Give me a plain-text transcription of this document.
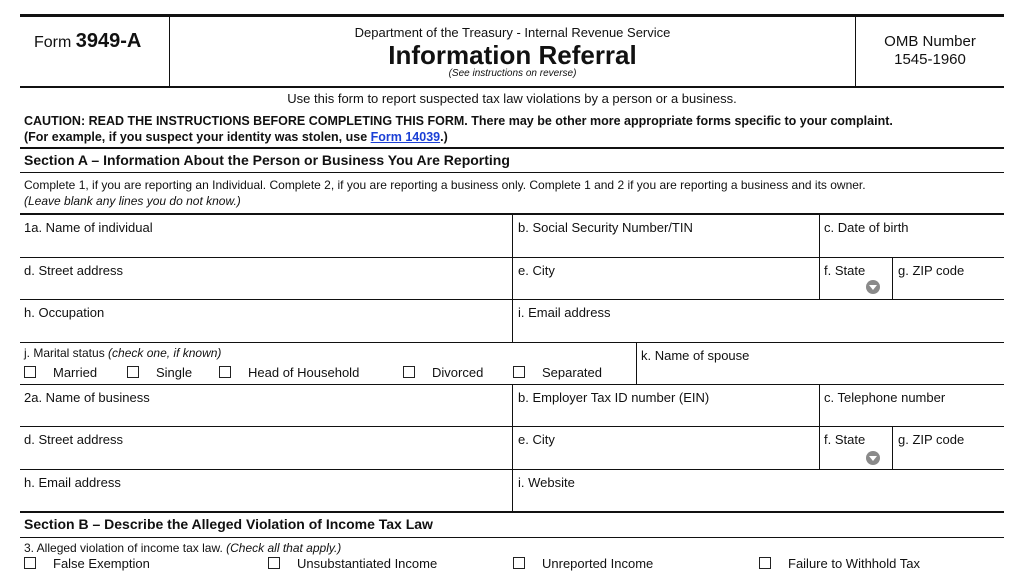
Form 3949-A	Department of the Treasury - Internal Revenue Service
Information Referral
(See instructions on reverse)
OMB Number
1545-1960
Use this form to report suspected tax law violations by a person or a business.
CAUTION: READ THE INSTRUCTIONS BEFORE COMPLETING THIS FORM. There may be other more appropriate forms specific to your complaint.
(For example, if you suspect your identity was stolen, use Form 14039.)
Section A – Information About the Person or Business You Are Reporting
Complete 1, if you are reporting an Individual. Complete 2, if you are reporting a business only. Complete 1 and 2 if you are reporting a business and its owner.
(Leave blank any lines you do not know.)
1a. Name of individual	b. Social Security Number/TIN	c. Date of birth
d. Street address	e. City	f. State	g. ZIP code
h. Occupation	i. Email address
j. Marital status (check one, if known)
Married	Single	Head of Household	Divorced	Separated
k. Name of spouse
2a. Name of business	b. Employer Tax ID number (EIN)	c. Telephone number
d. Street address	e. City	f. State	g. ZIP code
h. Email address	i. Website
Section B – Describe the Alleged Violation of Income Tax Law
3. Alleged violation of income tax law. (Check all that apply.)
False Exemption	Unsubstantiated Income	Unreported Income	Failure to Withhold Tax
